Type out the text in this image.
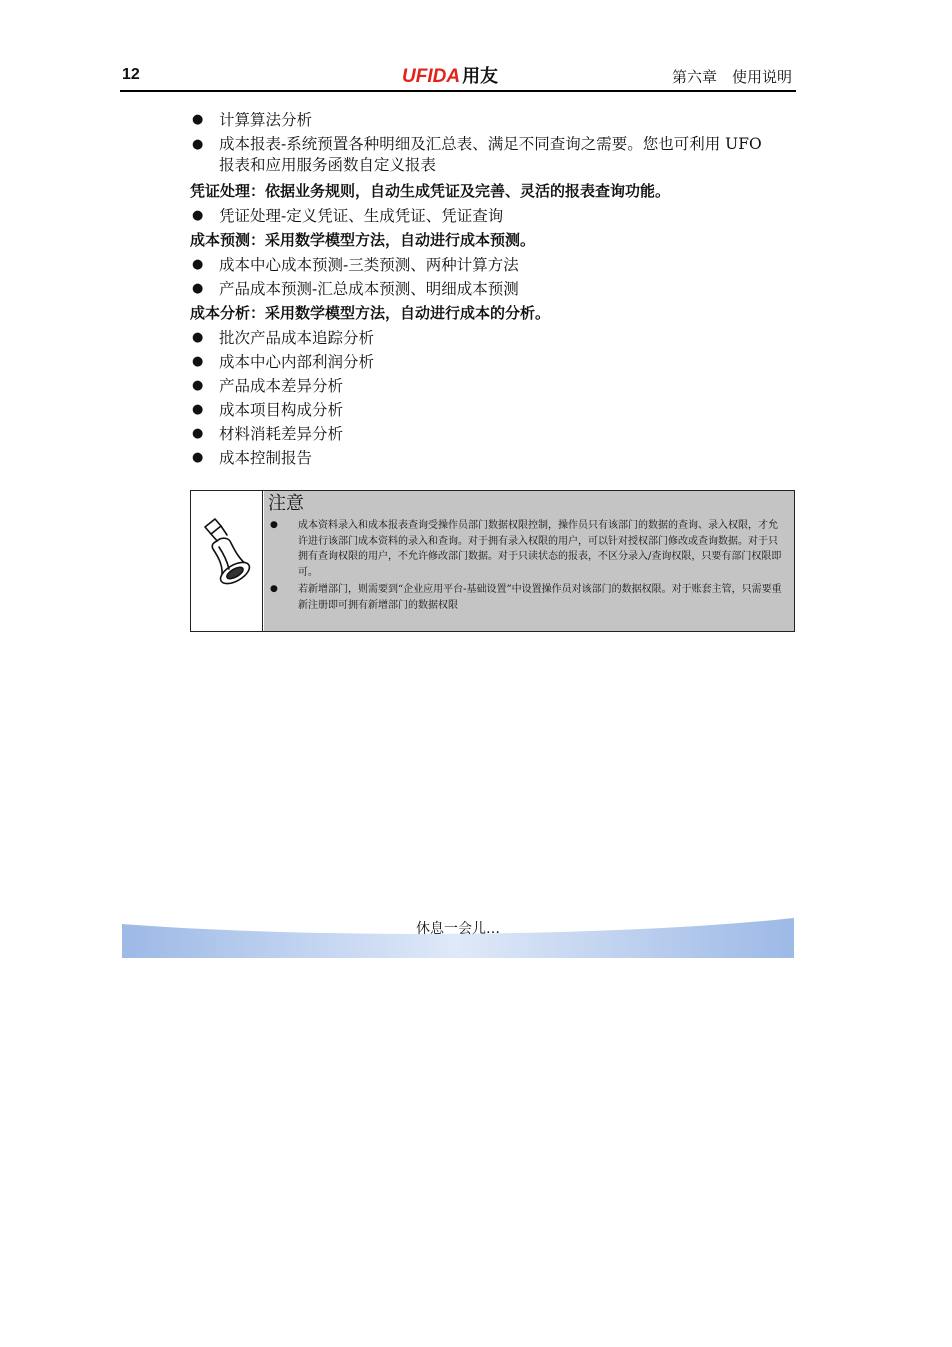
12	UFIDA 用友	第六章　使用说明
● 计算算法分析
● 成本报表-系统预置各种明细及汇总表、满足不同查询之需要。您也可利用 UFO
报表和应用服务函数自定义报表
凭证处理：依据业务规则，自动生成凭证及完善、灵活的报表查询功能。
● 凭证处理-定义凭证、生成凭证、凭证查询
成本预测：采用数学模型方法，自动进行成本预测。
● 成本中心成本预测-三类预测、两种计算方法
● 产品成本预测-汇总成本预测、明细成本预测
成本分析：采用数学模型方法，自动进行成本的分析。
● 批次产品成本追踪分析
● 成本中心内部利润分析
● 产品成本差异分析
● 成本项目构成分析
● 材料消耗差异分析
● 成本控制报告
注意
● 成本资料录入和成本报表查询受操作员部门数据权限控制，操作员只有该部门的数据的查询、录入权限，才允许进行该部门成本资料的录入和查询。对于拥有录入权限的用户，可以针对授权部门修改或查询数据。对于只拥有查询权限的用户，不允许修改部门数据。对于只读状态的报表，不区分录入/查询权限，只要有部门权限即可。
● 若新增部门，则需要到“企业应用平台-基础设置”中设置操作员对该部门的数据权限。对于账套主管，只需要重新注册即可拥有新增部门的数据权限
休息一会儿…
